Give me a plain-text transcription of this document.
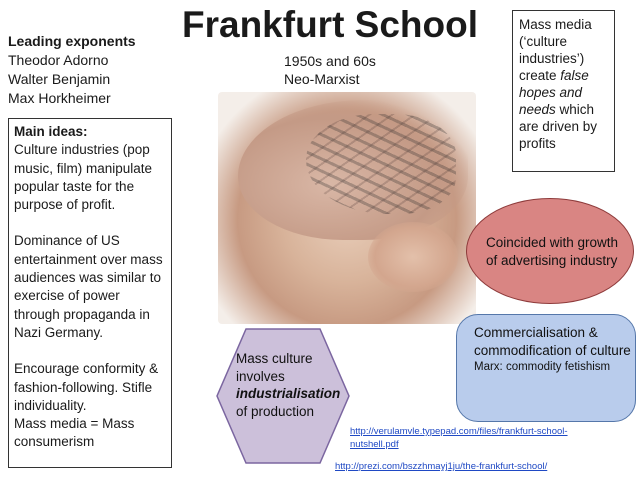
Leading exponents
Theodor Adorno
Walter Benjamin
Max Horkheimer
Frankfurt School
1950s and 60s
Neo-Marxist
Mass media (‘culture industries’) create false hopes and needs which are driven by profits

Main ideas:

Culture industries (pop music, film) manipulate popular taste for the purpose of profit.

Dominance of US entertainment over mass audiences was similar to exercise of power through propaganda in Nazi Germany.

Encourage conformity & fashion-following. Stifle individuality.

Mass media = Mass consumerism

Coincided with growth of advertising industry
Commercialisation & commodification of culture
Marx: commodity fetishism
Mass culture involves industrialisation of production
http://verulamvle.typepad.com/files/frankfurt-school-nutshell.pdf
http://prezi.com/bszzhmayj1ju/the-frankfurt-school/
